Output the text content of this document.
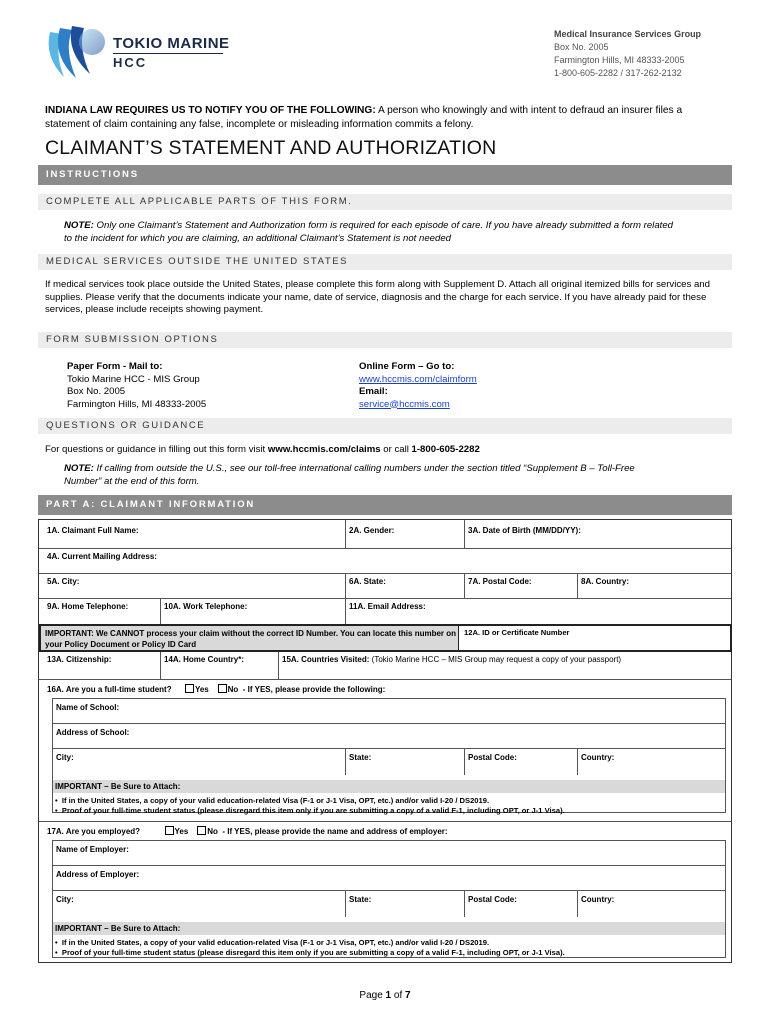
TOKIO MARINE
HCC
Medical Insurance Services Group
Box No. 2005
Farmington Hills, MI 48333-2005
1-800-605-2282 / 317-262-2132
INDIANA LAW REQUIRES US TO NOTIFY YOU OF THE FOLLOWING: A person who knowingly and with intent to defraud an insurer files a statement of claim containing any false, incomplete or misleading information commits a felony.
CLAIMANT’S STATEMENT AND AUTHORIZATION
INSTRUCTIONS
COMPLETE ALL APPLICABLE PARTS OF THIS FORM.
NOTE: Only one Claimant’s Statement and Authorization form is required for each episode of care. If you have already submitted a form related to the incident for which you are claiming, an additional Claimant’s Statement is not needed
MEDICAL SERVICES OUTSIDE THE UNITED STATES
If medical services took place outside the United States, please complete this form along with Supplement D. Attach all original itemized bills for services and supplies. Please verify that the documents indicate your name, date of service, diagnosis and the charge for each service. If you have already paid for these services, please include receipts showing payment.
FORM SUBMISSION OPTIONS
Paper Form - Mail to:
Tokio Marine HCC - MIS Group
Box No. 2005
Farmington Hills, MI 48333-2005
Online Form – Go to:
www.hccmis.com/claimform
Email:
service@hccmis.com
QUESTIONS OR GUIDANCE
For questions or guidance in filling out this form visit www.hccmis.com/claims or call 1-800-605-2282
NOTE: If calling from outside the U.S., see our toll-free international calling numbers under the section titled “Supplement B – Toll-Free Number” at the end of this form.
PART A: CLAIMANT INFORMATION
1A. Claimant Full Name:	2A. Gender:	3A. Date of Birth (MM/DD/YY):
4A. Current Mailing Address:
5A. City:	6A. State:	7A. Postal Code:	8A. Country:
9A. Home Telephone:	10A. Work Telephone:	11A. Email Address:
IMPORTANT: We CANNOT process your claim without the correct ID Number. You can locate this number on your Policy Document or Policy ID Card
12A. ID or Certificate Number
13A. Citizenship:	14A. Home Country*:	15A. Countries Visited: (Tokio Marine HCC – MIS Group may request a copy of your passport)
16A. Are you a full-time student?	Yes No - If YES, please provide the following:
Name of School:
Address of School:
City:	State:	Postal Code:	Country:
IMPORTANT – Be Sure to Attach:
•  If in the United States, a copy of your valid education-related Visa (F-1 or J-1 Visa, OPT, etc.) and/or valid I-20 / DS2019.
•  Proof of your full-time student status (please disregard this item only if you are submitting a copy of a valid F-1, including OPT, or J-1 Visa).
17A. Are you employed?	Yes No - If YES, please provide the name and address of employer:
Name of Employer:
Address of Employer:
City:	State:	Postal Code:	Country:
IMPORTANT – Be Sure to Attach:
•  If in the United States, a copy of your valid education-related Visa (F-1 or J-1 Visa, OPT, etc.) and/or valid I-20 / DS2019.
•  Proof of your full-time student status (please disregard this item only if you are submitting a copy of a valid F-1, including OPT, or J-1 Visa).
Page 1 of 7
